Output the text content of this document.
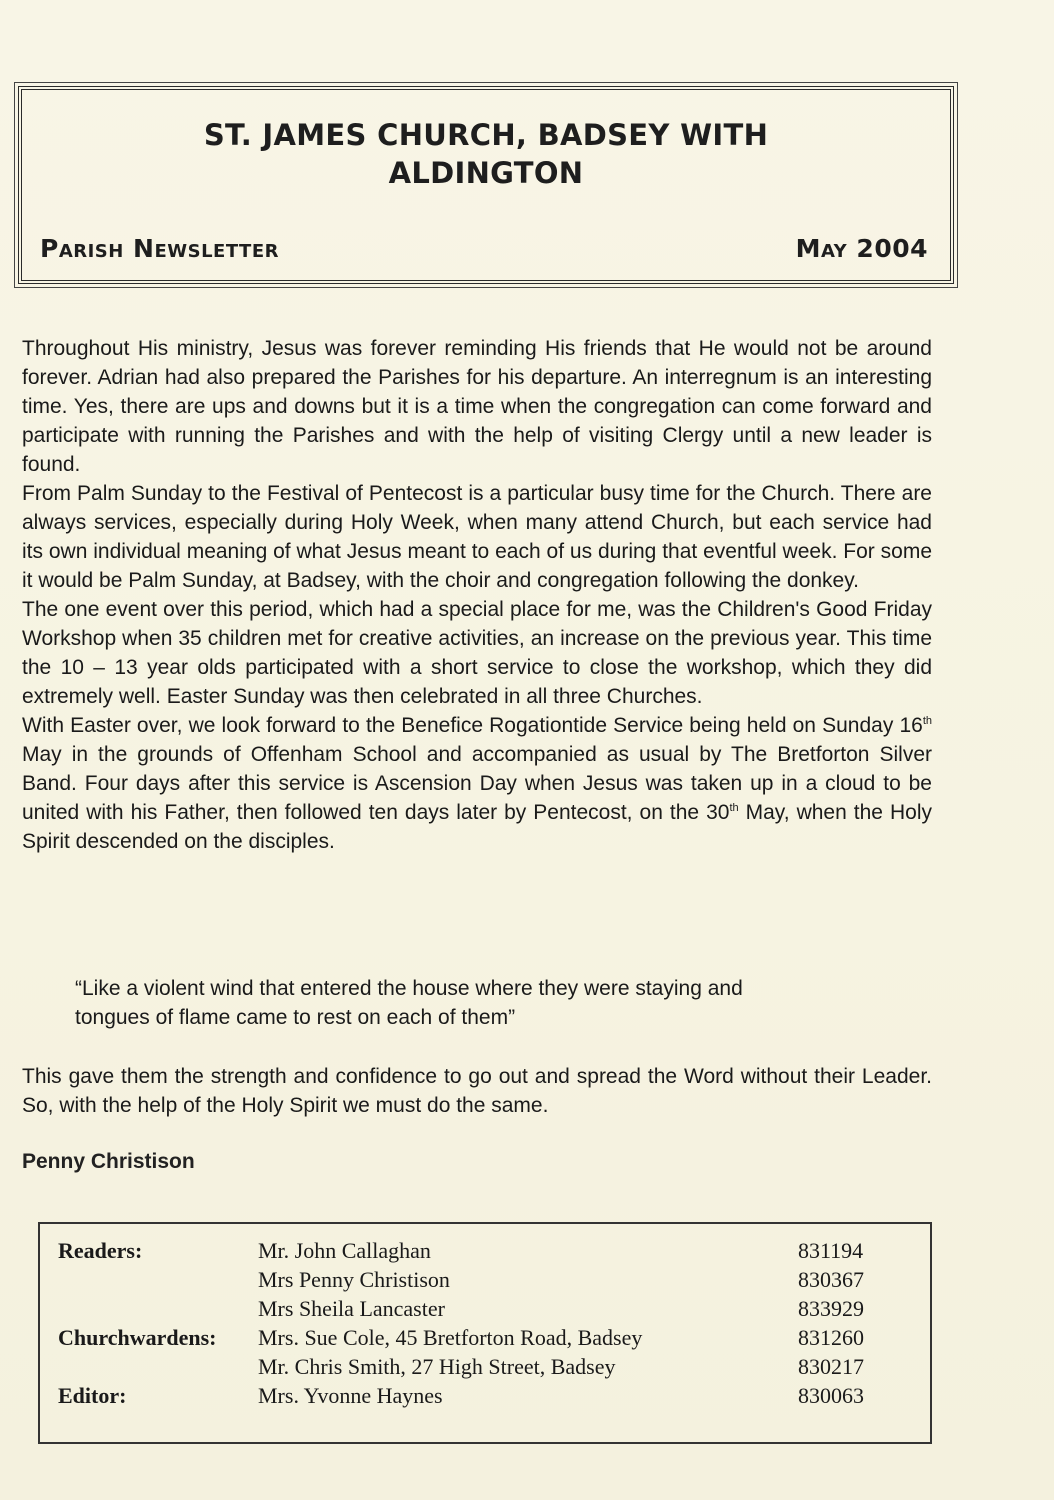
ST. JAMES CHURCH, BADSEY WITH
ALDINGTON
Parish Newsletter	May 2004

Throughout His ministry, Jesus was forever reminding His friends that He would not be around forever. Adrian had also prepared the Parishes for his departure. An interregnum is an interesting time. Yes, there are ups and downs but it is a time when the congregation can come forward and participate with running the Parishes and with the help of visiting Clergy until a new leader is found.

From Palm Sunday to the Festival of Pentecost is a particular busy time for the Church. There are always services, especially during Holy Week, when many attend Church, but each service had its own individual meaning of what Jesus meant to each of us during that eventful week. For some it would be Palm Sunday, at Badsey, with the choir and congregation following the donkey.

The one event over this period, which had a special place for me, was the Children's Good Friday Workshop when 35 children met for creative activities, an increase on the previous year. This time the 10 – 13 year olds participated with a short service to close the workshop, which they did extremely well. Easter Sunday was then celebrated in all three Churches.

With Easter over, we look forward to the Benefice Rogationtide Service being held on Sunday 16th May in the grounds of Offenham School and accompanied as usual by The Bretforton Silver Band. Four days after this service is Ascension Day when Jesus was taken up in a cloud to be united with his Father, then followed ten days later by Pentecost, on the 30th May, when the Holy Spirit descended on the disciples.

“Like a violent wind that entered the house where they were staying and
tongues of flame came to rest on each of them”
This gave them the strength and confidence to go out and spread the Word without their Leader. So, with the help of the Holy Spirit we must do the same.
Penny Christison
Readers:	Mr. John Callaghan	831194
	Mrs Penny Christison	830367
	Mrs Sheila Lancaster	833929
Churchwardens:	Mrs. Sue Cole, 45 Bretforton Road, Badsey	831260
	Mr. Chris Smith, 27 High Street, Badsey	830217
Editor:	Mrs. Yvonne Haynes	830063
